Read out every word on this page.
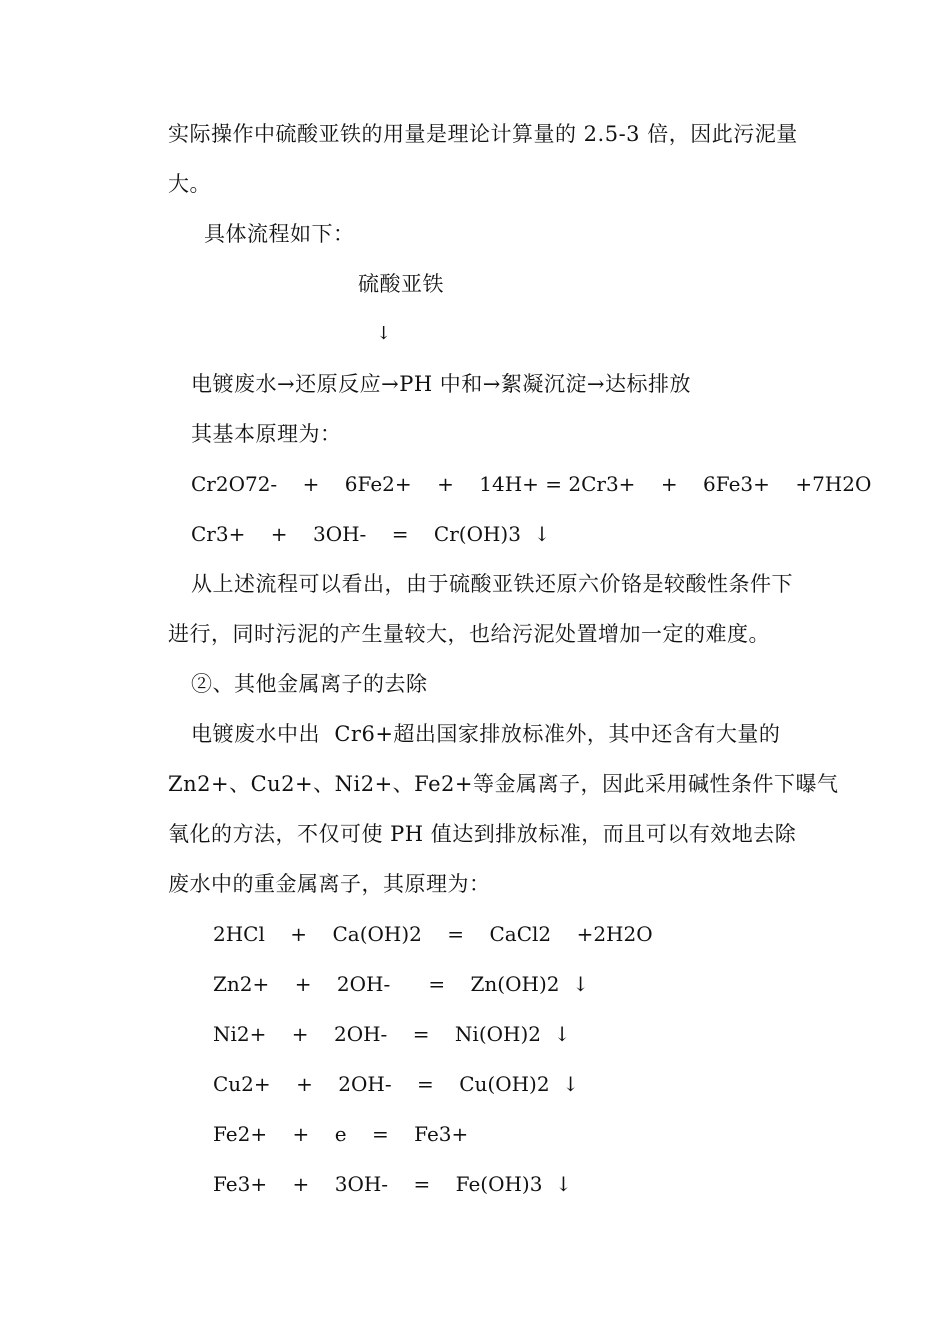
实际操作中硫酸亚铁的用量是理论计算量的 2.5-3 倍，因此污泥量
大。
具体流程如下：
硫酸亚铁
↓
电镀废水→还原反应→PH 中和→絮凝沉淀→达标排放
其基本原理为：
Cr2O72-    +    6Fe2+    +    14H+ = 2Cr3+    +    6Fe3+    +7H2O
Cr3+    +    3OH-    =    Cr(OH)3  ↓
从上述流程可以看出，由于硫酸亚铁还原六价铬是较酸性条件下
进行，同时污泥的产生量较大，也给污泥处置增加一定的难度。
②、其他金属离子的去除
电镀废水中出  Cr6+超出国家排放标准外，其中还含有大量的
Zn2+、Cu2+、Ni2+、Fe2+等金属离子，因此采用碱性条件下曝气
氧化的方法，不仅可使 PH 值达到排放标准，而且可以有效地去除
废水中的重金属离子，其原理为：
2HCl    +    Ca(OH)2    =    CaCl2    +2H2O
Zn2+    +    2OH-      =    Zn(OH)2  ↓
Ni2+    +    2OH-    =    Ni(OH)2  ↓
Cu2+    +    2OH-    =    Cu(OH)2  ↓
Fe2+    +    e    =    Fe3+
Fe3+    +    3OH-    =    Fe(OH)3  ↓
